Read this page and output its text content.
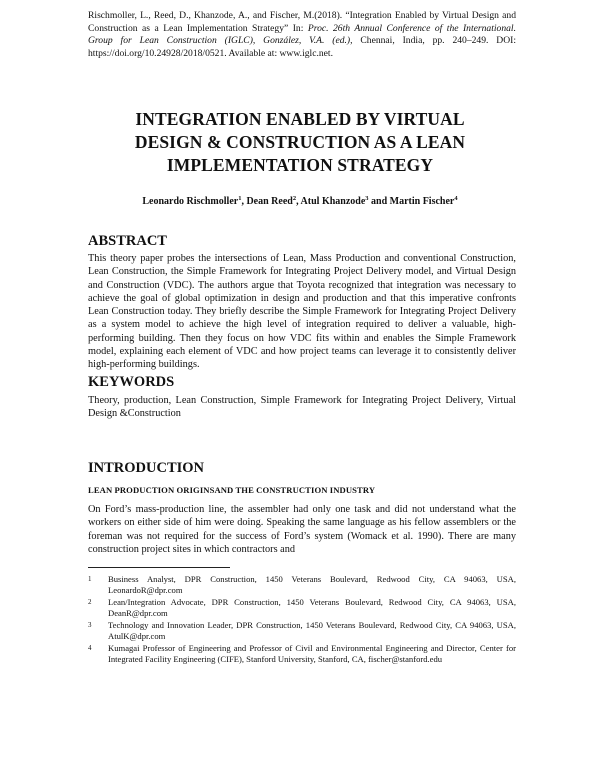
Rischmoller, L., Reed, D., Khanzode, A., and Fischer, M.(2018). “Integration Enabled by Virtual Design and Construction as a Lean Implementation Strategy” In: Proc. 26th Annual Conference of the International. Group for Lean Construction (IGLC), González, V.A. (ed.), Chennai, India, pp. 240–249. DOI: https://doi.org/10.24928/2018/0521. Available at: www.iglc.net.

INTEGRATION ENABLED BY VIRTUAL
DESIGN & CONSTRUCTION AS A LEAN
IMPLEMENTATION STRATEGY
Leonardo Rischmoller$^1$, Dean Reed$^2$, Atul Khanzode$^3$ and Martin Fischer$^4$
ABSTRACT

This theory paper probes the intersections of Lean, Mass Production and conventional Construction, Lean Construction, the Simple Framework for Integrating Project Delivery model, and Virtual Design and Construction (VDC). The authors argue that Toyota recognized that integration was necessary to achieve the goal of global optimization in design and production and that this imperative confronts Lean Construction today. They briefly describe the Simple Framework for Integrating Project Delivery as a system model to achieve the high level of integration required to deliver a valuable, high-performing building. Then they focus on how VDC fits within and enables the Simple Framework model, explaining each element of VDC and how project teams can leverage it to consistently deliver high-performing buildings.

KEYWORDS

Theory, production, Lean Construction, Simple Framework for Integrating Project Delivery, Virtual Design &Construction

INTRODUCTION
LEAN PRODUCTION ORIGINSAND THE CONSTRUCTION INDUSTRY

On Ford’s mass-production line, the assembler had only one task and did not understand what the workers on either side of him were doing. Speaking the same language as his fellow assemblers or the foreman was not required for the success of Ford’s system (Womack et al. 1990). There are many construction project sites in which contractors and

1 Business Analyst, DPR Construction, 1450 Veterans Boulevard, Redwood City, CA 94063, USA, LeonardoR@dpr.com
2 Lean/Integration Advocate, DPR Construction, 1450 Veterans Boulevard, Redwood City, CA 94063, USA, DeanR@dpr.com
3 Technology and Innovation Leader, DPR Construction, 1450 Veterans Boulevard, Redwood City, CA 94063, USA, AtulK@dpr.com
4 Kumagai Professor of Engineering and Professor of Civil and Environmental Engineering and Director, Center for Integrated Facility Engineering (CIFE), Stanford University, Stanford, CA, fischer@stanford.edu
